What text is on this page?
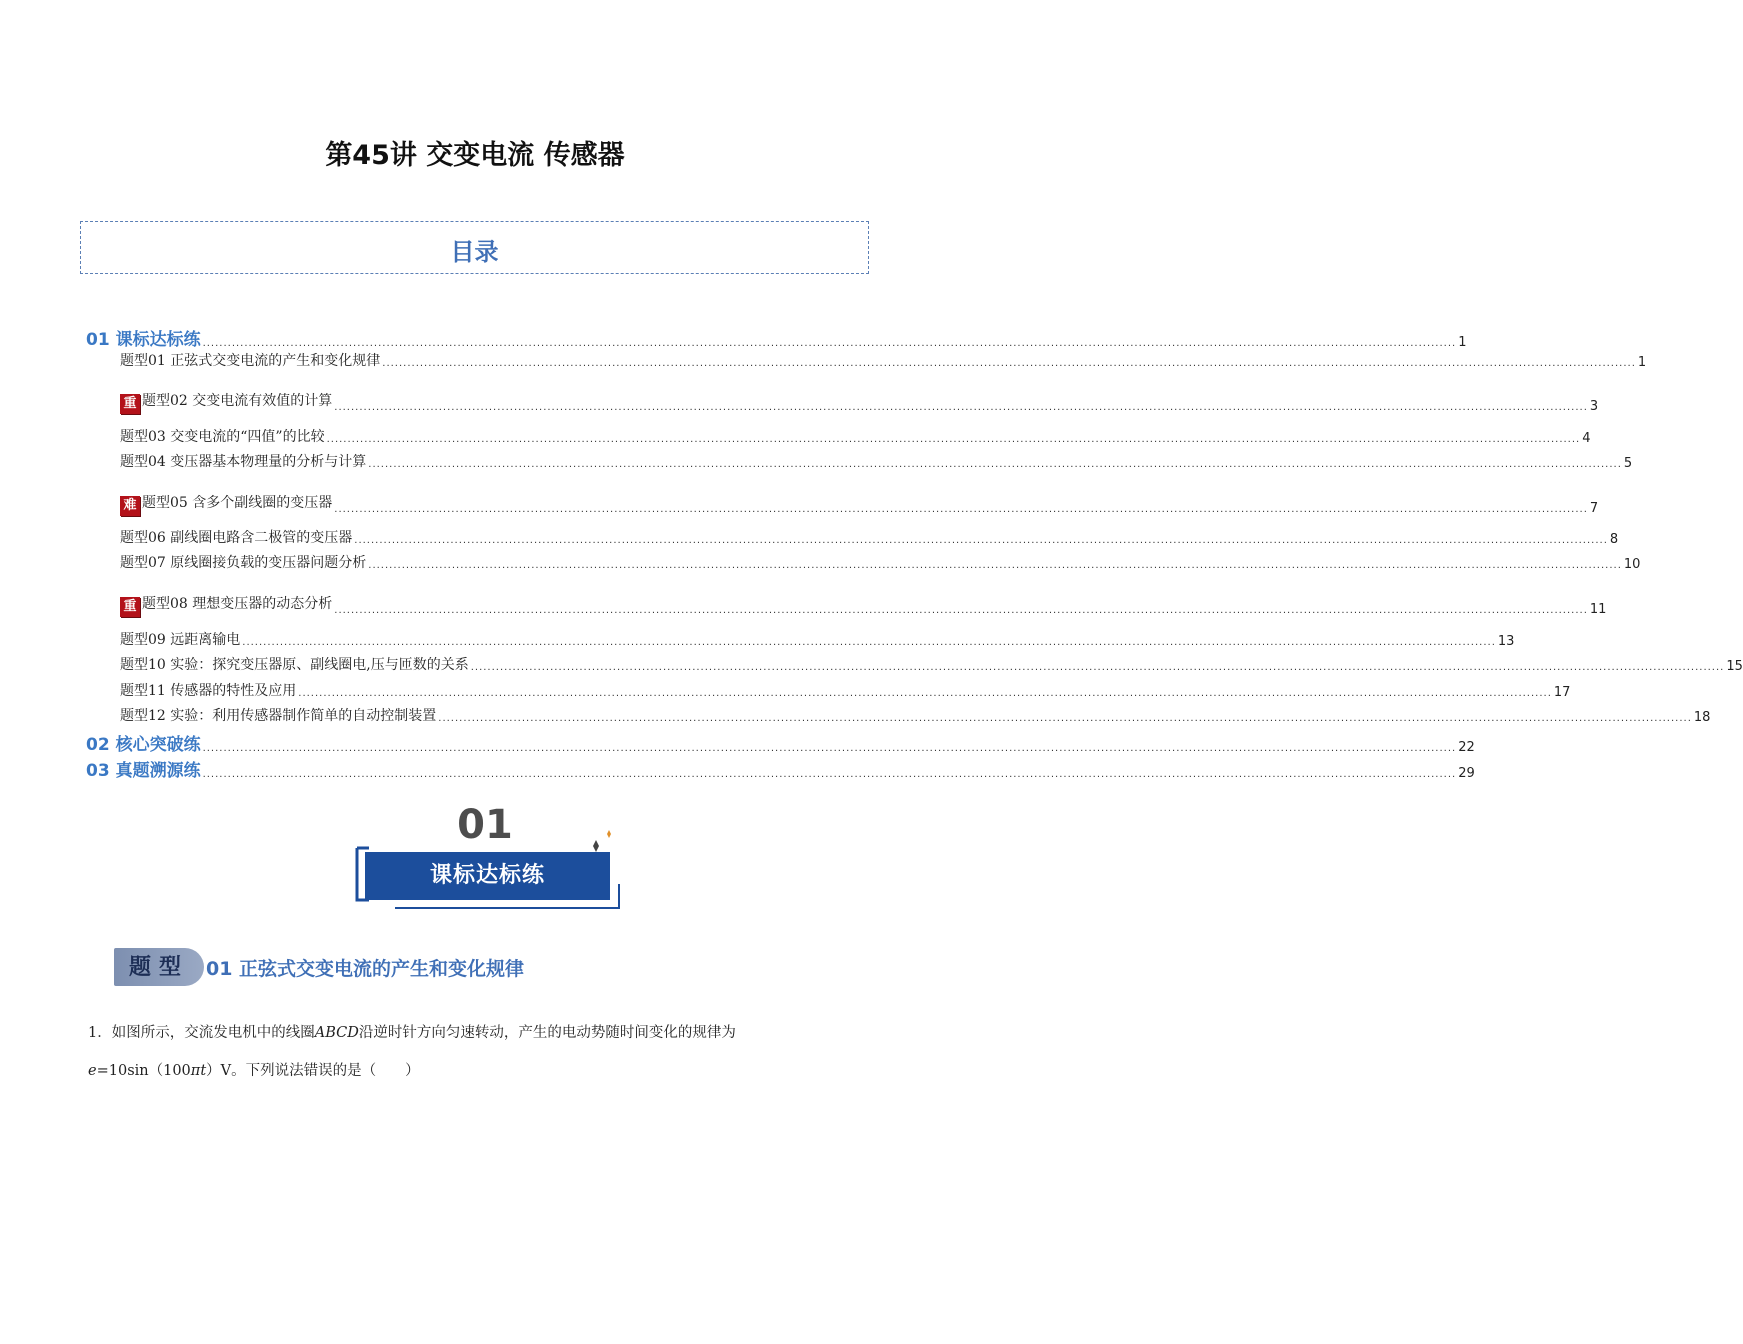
第45讲 交变电流 传感器
目录
01 课标达标练 ............................................................................................................................................................................................................................................................................................................ 1
题型01 正弦式交变电流的产生和变化规律 ............................................................................................................................................................................................................................................................................................................ 1
重 题型02 交变电流有效值的计算 ............................................................................................................................................................................................................................................................................................................ 3
题型03 交变电流的“四值”的比较 ............................................................................................................................................................................................................................................................................................................ 4
题型04 变压器基本物理量的分析与计算 ............................................................................................................................................................................................................................................................................................................ 5
难 题型05 含多个副线圈的变压器 ............................................................................................................................................................................................................................................................................................................ 7
题型06 副线圈电路含二极管的变压器 ............................................................................................................................................................................................................................................................................................................ 8
题型07 原线圈接负载的变压器问题分析 ............................................................................................................................................................................................................................................................................................................ 10
重 题型08 理想变压器的动态分析 ............................................................................................................................................................................................................................................................................................................ 11
题型09 远距离输电 ............................................................................................................................................................................................................................................................................................................ 13
题型10 实验：探究变压器原、副线圈电,压与匝数的关系 ............................................................................................................................................................................................................................................................................................................ 15
题型11 传感器的特性及应用 ............................................................................................................................................................................................................................................................................................................ 17
题型12 实验：利用传感器制作简单的自动控制装置 ............................................................................................................................................................................................................................................................................................................ 18
02 核心突破练 ............................................................................................................................................................................................................................................................................................................ 22
03 真题溯源练 ............................................................................................................................................................................................................................................................................................................ 29
01
课标达标练
题型 01 正弦式交变电流的产生和变化规律
1．如图所示，交流发电机中的线圈ABCD沿逆时针方向匀速转动，产生的电动势随时间变化的规律为
e=10sin（100πt）V。下列说法错误的是（　　）
